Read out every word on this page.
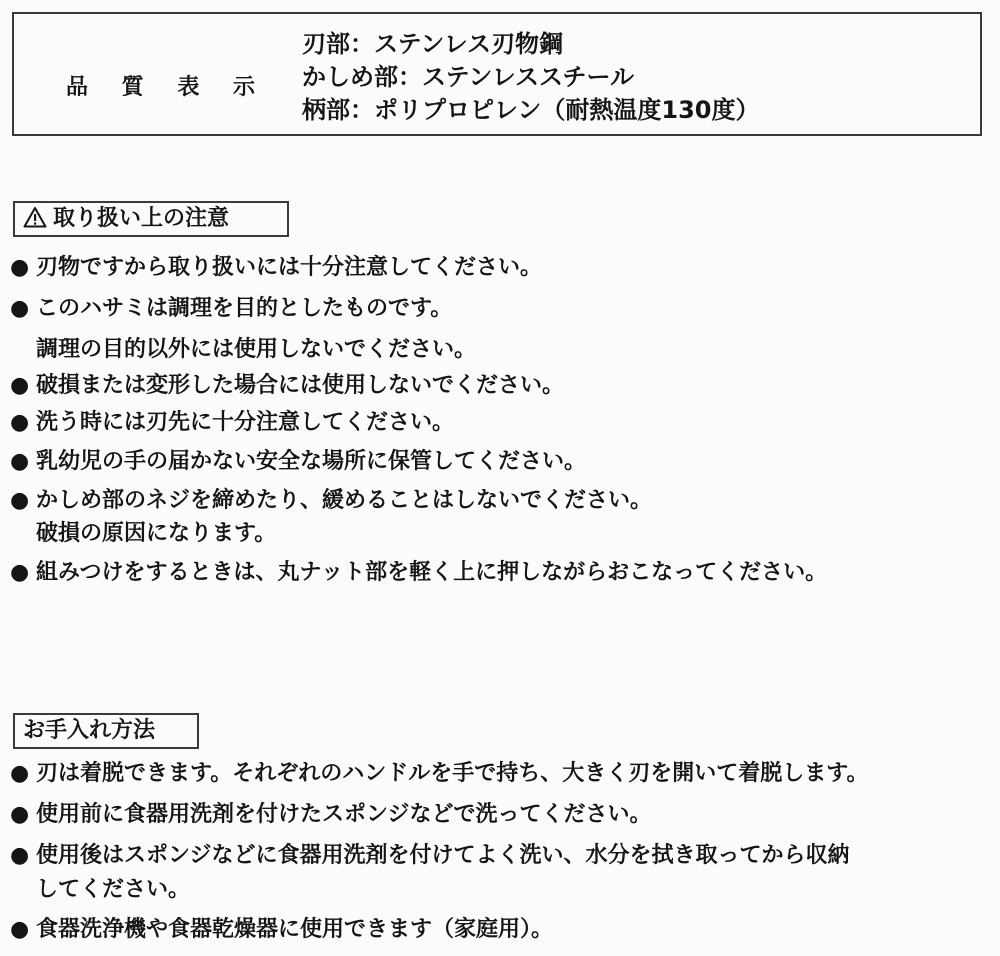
品 質 表 示
刃部：ステンレス刃物鋼
かしめ部：ステンレススチール
柄部：ポリプロピレン（耐熱温度130度）
取り扱い上の注意
● 刃物ですから取り扱いには十分注意してください。
● このハサミは調理を目的としたものです。
調理の目的以外には使用しないでください。
● 破損または変形した場合には使用しないでください。
● 洗う時には刃先に十分注意してください。
● 乳幼児の手の届かない安全な場所に保管してください。
● かしめ部のネジを締めたり、緩めることはしないでください。
破損の原因になります。
● 組みつけをするときは、丸ナット部を軽く上に押しながらおこなってください。
お手入れ方法
● 刃は着脱できます。それぞれのハンドルを手で持ち、大きく刃を開いて着脱します。
● 使用前に食器用洗剤を付けたスポンジなどで洗ってください。
● 使用後はスポンジなどに食器用洗剤を付けてよく洗い、水分を拭き取ってから収納
してください。
● 食器洗浄機や食器乾燥器に使用できます（家庭用）。
